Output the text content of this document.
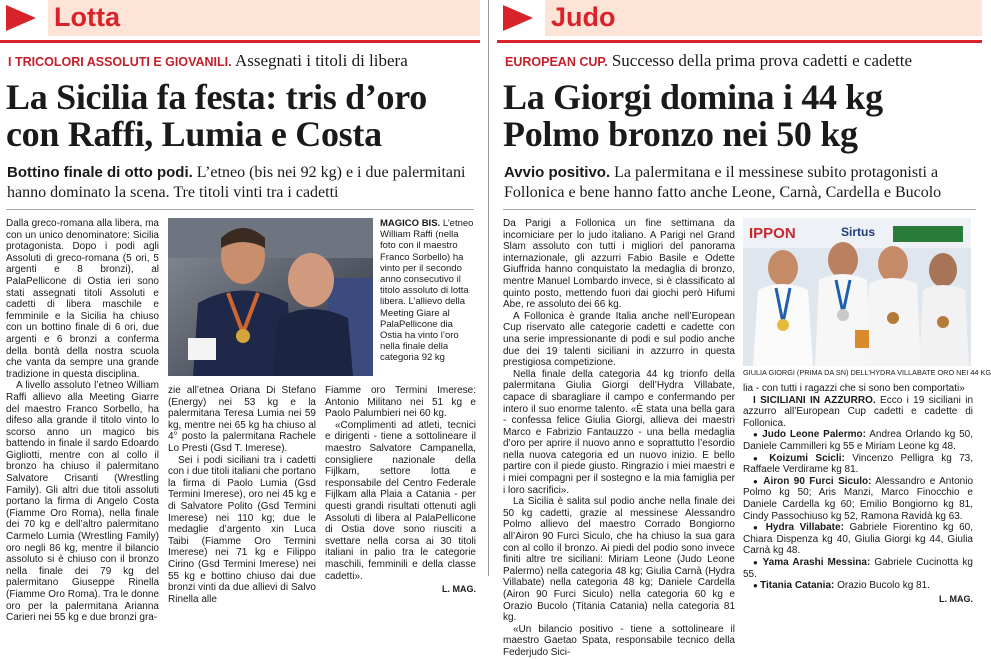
Lotta
I TRICOLORI ASSOLUTI E GIOVANILI. Assegnati i titoli di libera
La Sicilia fa festa: tris d’oro
con Raffi, Lumia e Costa
Bottino finale di otto podi. L’etneo (bis nei 92 kg) e i due palermitani hanno dominato la scena. Tre titoli vinti tra i cadetti

Dalla greco-romana alla libera, ma con un unico denominatore: Sicilia protagonista. Dopo i podi agli Assoluti di greco-romana (5 ori, 5 argenti e 8 bronzi), al PalaPellicone di Ostia ieri sono stati assegnati titoli Assoluti e cadetti di libera maschile e femminile e la Sicilia ha chiuso con un bottino finale di 6 ori, due argenti e 6 bronzi a conferma della bontà della nostra scuola che vanta da sempre una grande tradizione in questa disciplina.

A livello assoluto l’etneo William Raffi allievo alla Meeting Giarre del maestro Franco Sorbello, ha difeso alla grande il titolo vinto lo scorso anno un magico bis battendo in finale il sardo Edoardo Gigliotti, mentre con al collo il bronzo ha chiuso il palermitano Salvatore Crisanti (Wrestling Family). Gli altri due titoli assoluti portano la firma di Angelo Costa (Fiamme Oro Roma), nella finale dei 70 kg e dell’altro palermitano Carmelo Lumia (Wrestling Family) oro negli 86 kg, mentre il bilancio assoluto si è chiuso con il bronzo nella finale dei 79 kg del palermitano Giuseppe Rinella (Fiamme Oro Roma). Tra le donne oro per la palermitana Arianna Carieri nei 55 kg e due bronzi gra-

MAGICO BIS. L’etneo William Raffi (nella foto con il maestro Franco Sorbello) ha vinto per il secondo anno consecutivo il titolo assoluto di lotta libera. L’allievo della Meeting Giare al PalaPellicone dia Ostia ha vinto l’oro nella finale della categoria 92 kg

zie all’etnea Oriana Di Stefano (Energy) nei 53 kg e la palermitana Teresa Lumia nei 59 kg, mentre nei 65 kg ha chiuso al 4° posto la palermitana Rachele Lo Presti (Gsd T. Imerese).

Sei i podi siciliani tra i cadetti con i due titoli italiani che portano la firma di Paolo Lumia (Gsd Termini Imerese), oro nei 45 kg e di Salvatore Polito (Gsd Termini Imerese) nei 110 kg; due le medaglie d’argento xin Luca Taibi (Fiamme Oro Termini Imerese) nei 71 kg e Filippo Cirino (Gsd Termini Imerese) nei 55 kg e bottino chiuso dai due bronzi vinti da due allievi di Salvo Rinella alle

Fiamme oro Termini Imerese: Antonio Militano nei 51 kg e Paolo Palumbieri nei 60 kg.

«Complimenti ad atleti, tecnici e dirigenti - tiene a sottolineare il maestro Salvatore Campanella, consigliere nazionale della Fijlkam, settore lotta e responsabile del Centro Federale Fijlkam alla Plaia a Catania - per questi grandi risultati ottenuti agli Assoluti di libera al PalaPellicone di Ostia dove sono riusciti a svettare nella corsa ai 30 titoli italiani in palio tra le categorie maschili, femminili e della classe cadetti».

L. MAG.
Judo
EUROPEAN CUP. Successo della prima prova cadetti e cadette
La Giorgi domina i 44 kg
Polmo bronzo nei 50 kg
Avvio positivo. La palermitana e il messinese subito protagonisti a Follonica e bene hanno fatto anche Leone, Carnà, Cardella e Bucolo

Da Parigi a Follonica un fine settimana da incorniciare per lo judo italiano. A Parigi nel Grand Slam assoluto con tutti i migliori del panorama internazionale, gli azzurri Fabio Basile e Odette Giuffrida hanno conquistato la medaglia di bronzo, mentre Manuel Lombardo invece, si è classificato al quinto posto, mettendo fuori dai giochi però Hifumi Abe, re assoluto dei 66 kg.

A Follonica è grande Italia anche nell’European Cup riservato alle categorie cadetti e cadette con una serie impressionante di podi e sul podio anche due dei 19 talenti siciliani in azzurro in questa prestigiosa competizione.

Nella finale della categoria 44 kg trionfo della palermitana Giulia Giorgi dell’Hydra Villabate, capace di sbaragliare il campo e confermando per intero il suo enorme talento. «È stata una bella gara - confessa felice Giulia Giorgi, allieva dei maestri Marco e Fabrizio Fantauzzo - una bella medaglia d’oro per aprire il nuovo anno e soprattutto l’esordio nella nuova categoria ed un nuovo inizio. E bello partire con il piede giusto. Ringrazio i miei maestri e i miei compagni per il sostegno e la mia famiglia per i loro sacrifici».

La Sicilia è salita sul podio anche nella finale dei 50 kg cadetti, grazie al messinese Alessandro Polmo allievo del maestro Corrado Bongiorno all’Airon 90 Furci Siculo, che ha chiuso la sua gara con al collo il bronzo. Ai piedi del podio sono invece finiti altre tre siciliani: Miriam Leone (Judo Leone Palermo) nella categoria 48 kg; Giulia Carnà (Hydra Villabate) nella categoria 48 kg; Daniele Cardella (Airon 90 Furci Siculo) nella categoria 60 kg e Orazio Bucolo (Titania Catania) nella categoria 81 kg.

«Un bilancio positivo - tiene a sottolineare il maestro Gaetao Spata, responsabile tecnico della Federjudo Sici-

IPPON	Sirtus
GIULIA GIORGI (PRIMA DA SN) DELL’HYDRA VILLABATE ORO NEI 44 KG
lia - con tutti i ragazzi che si sono ben comportati»
I SICILIANI IN AZZURRO. Ecco i 19 siciliani in azzurro all’European Cup cadetti e cadette di Follonica.
● Judo Leone Palermo: Andrea Orlando kg 50, Daniele Cammilleri kg 55 e Miriam Leone kg 48.
● Koizumi Scicli: Vincenzo Pelligra kg 73, Raffaele Verdirame kg 81.
● Airon 90 Furci Siculo: Alessandro e Antonio Polmo kg 50; Aris Manzi, Marco Finocchio e Daniele Cardella kg 60; Emilio Bongiorno kg 81, Cindy Passochiuso kg 52, Ramona Ravidà kg 63.
● Hydra Villabate: Gabriele Fiorentino kg 60, Chiara Dispenza kg 40, Giulia Giorgi kg 44, Giulia Carnà kg 48.
● Yama Arashi Messina: Gabriele Cucinotta kg 55.
● Titania Catania: Orazio Bucolo kg 81.
L. MAG.
